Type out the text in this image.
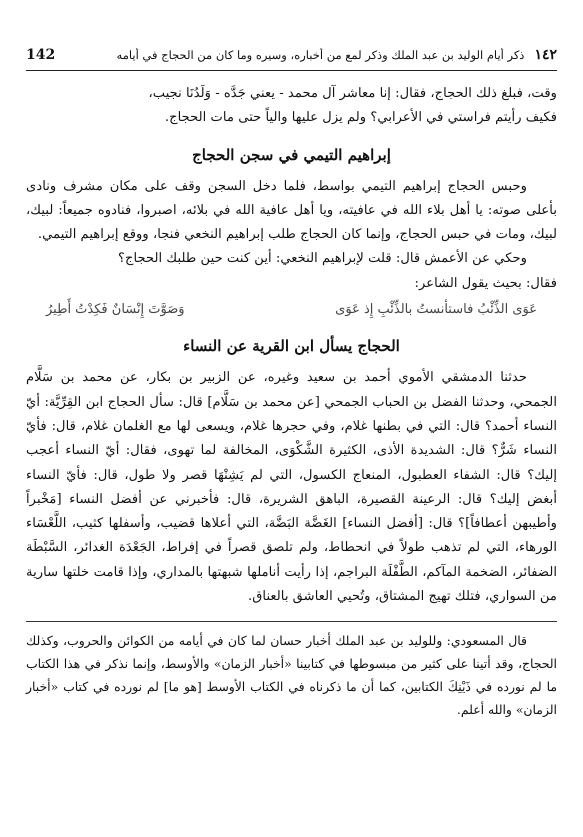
١٤٢
ذكر أيام الوليد بن عبد الملك وذكر لمع من أخباره، وسيره وما كان من الحجاج في أيامه
142

وقت، فبلغ ذلك الحجاج، فقال: إنا معاشر آل محمد - يعني جَدَّه - وَلَدُنَا نجيب،

فكيف رأيتم فراستي في الأعرابي؟ ولم يزل عليها والياً حتى مات الحجاج.

إبراهيم التيمي في سجن الحجاج

وحبس الحجاج إبراهيم التيمي بواسط، فلما دخل السجن وقف على مكان مشرف ونادى بأعلى صوته: يا أهل بلاء الله في عافيته، ويا أهل عافية الله في بلائه، اصبروا، فنادوه جميعاً: لبيك، لبيك، ومات في حبس الحجاج، وإنما كان الحجاج طلب إبراهيم النخعي فنجا، ووقع إبراهيم التيمي.

وحكي عن الأعمش قال: قلت لإبراهيم النخعي: أين كنت حين طلبك الحجاج؟

فقال: بحيث يقول الشاعر:

عَوَى الذِّئْبُ فاستأنستُ بالذِّئْبِ إِذ عَوَى
وَصَوَّتَ إِنْسَانٌ فَكِدْتُ أَطِيرُ
الحجاج يسأل ابن القرية عن النساء

حدثنا الدمشقي الأموي أحمد بن سعيد وغيره، عن الزبير بن بكار، عن محمد بن سَلَّام الجمحي، وحدثنا الفضل بن الحباب الجمحي [عن محمد بن سَلَّام] قال: سأل الحجاج ابن القِرِّيَّة: أيّ النساء أحمد؟ قال: التي في بطنها غلام، وفي حجرها غلام، ويسعى لها مع الغلمان غلام، قال: فأيّ النساء شَرٌّ؟ قال: الشديدة الأذى، الكثيرة الشَّكْوَى، المخالفة لما تهوى، فقال: أيّ النساء أعجب إليك؟ قال: الشفاء العطبول، المنعاج الكسول، التي لم يَشِنْهَا قصر ولا طول، قال: فأيّ النساء أبغض إليك؟ قال: الرعينة القصيرة، الباهق الشريرة، قال: فأخبرني عن أفضل النساء [مَخْبراً وأطيبهن أعطافاً]؟ قال: [أفضل النساء] الغَضَّة البَضَّة، التي أعلاها قضيب، وأسفلها كثيب، اللَّعْسَاء الورهاء، التي لم تذهب طولاً في انحطاط، ولم تلصق قصراً في إفراط، الجَعْدَة الغدائر، السَّبْطَة الضفائر، الضخمة المآكم، الطَّفْلَة البراجم، إذا رأيت أناملها شبهتها بالمداري، وإذا قامت خلتها سارية من السواري، فتلك تهيج المشتاق، وتُحيي العاشق بالعناق.

قال المسعودي: وللوليد بن عبد الملك أخبار حسان لما كان في أيامه من الكوائن والحروب، وكذلك الحجاج، وقد أتينا على كثير من مبسوطها في كتابينا «أخبار الزمان» والأوسط، وإنما نذكر في هذا الكتاب ما لم نورده في ذَيْنِكَ الكتابين، كما أن ما ذكرناه في الكتاب الأوسط [هو ما] لم نورده في كتاب «أخبار الزمان» والله أعلم.
